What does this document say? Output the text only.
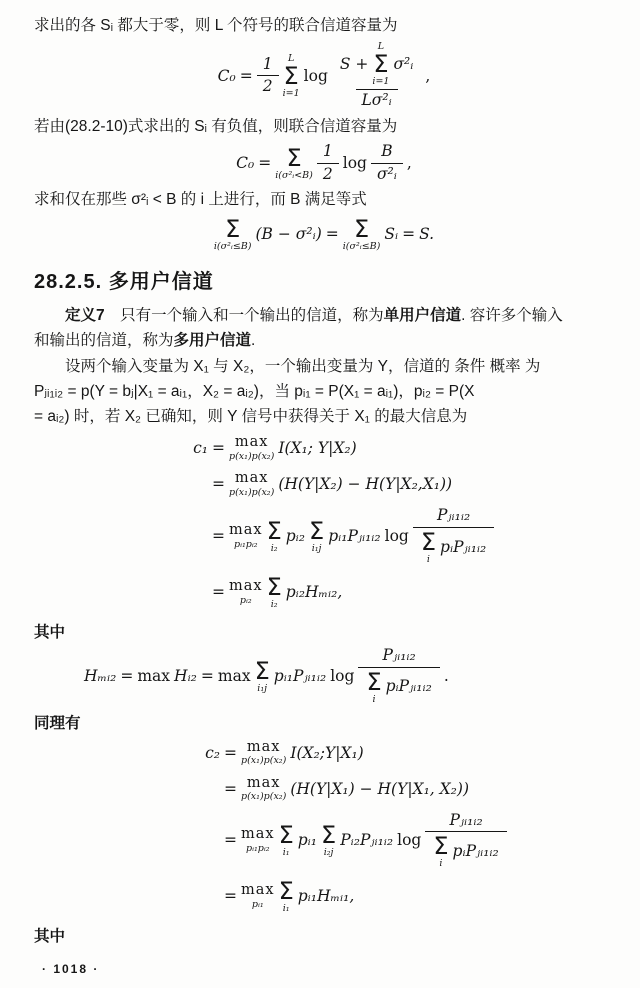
求出的各 Sᵢ 都大于零，则 L 个符号的联合信道容量为

$C_0 = \frac{1}{2}$ L
Σ
i=1
log
S +
L
Σ
i=1
σ²ᵢ
Lσ²ᵢ
,

若由(28.2-10)式求出的 Sᵢ 有负值，则联合信道容量为

C₀ = Σ
i(σ²ᵢ<B) $\frac{1}{2}$ $\log \frac{B}{\text{σ²ᵢ}}$ ,

求和仅在那些 σ²ᵢ < B 的 i 上进行，而 B 满足等式

Σ
i(σ²ᵢ≤B)
(B − σ²ᵢ) = Σ
i(σ²ᵢ≤B)
Sᵢ = S.
28.2.5. 多用户信道

定义7　只有一个输入和一个输出的信道，称为单用户信道. 容许多个输入

和输出的信道，称为多用户信道.

设两个输入变量为 X₁ 与 X₂，一个输出变量为 Y，信道的 条件 概率 为

Pⱼᵢ₁ᵢ₂ = p(Y = bⱼ|X₁ = aᵢ₁，X₂ = aᵢ₂)，当 pᵢ₁ = P(X₁ = aᵢ₁)，pᵢ₂ = P(X

= aᵢ₂) 时，若 X₂ 已确知，则 Y 信号中获得关于 X₁ 的最大信息为

c₁ = max
p(x₁)p(x₂) I(X₁; Y|X₂)
= max
p(x₁)p(x₂) (H(Y|X₂) − H(Y|X₂,X₁))
= max
pᵢ₁pᵢ₂ Σ
i₂
pᵢ₂ Σ
i₁j
pᵢ₁Pⱼᵢ₁ᵢ₂ log Pⱼᵢ₁ᵢ₂
Σ
i
pᵢPⱼᵢ₁ᵢ₂
= max
pᵢ₂ Σ
i₂
pᵢ₂Hₘᵢ₂,

其中

Hₘᵢ₂ = max Hᵢ₂ = max Σ
i₁j
pᵢ₁Pⱼᵢ₁ᵢ₂ log Pⱼᵢ₁ᵢ₂
Σ
i
pᵢPⱼᵢ₁ᵢ₂ .

同理有

c₂ = max
p(x₁)p(x₂) I(X₂;Y|X₁)
= max
p(x₁)p(x₂) (H(Y|X₁) − H(Y|X₁, X₂))
= max
pᵢ₁pᵢ₂ Σ
i₁
pᵢ₁ Σ
i₂j
Pᵢ₂Pⱼᵢ₁ᵢ₂ log Pⱼᵢ₁ᵢ₂
Σ
i
pᵢPⱼᵢ₁ᵢ₂
= max
pᵢ₁ Σ
i₁
pᵢ₁Hₘᵢ₁,

其中

· 1018 ·
